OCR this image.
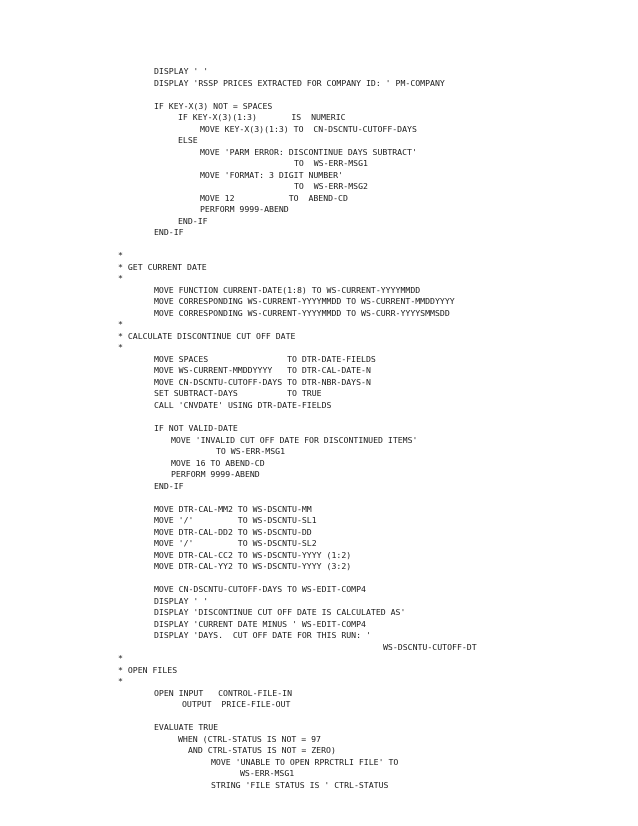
DISPLAY ' '
DISPLAY 'RSSP PRICES EXTRACTED FOR COMPANY ID: ' PM-COMPANY
IF KEY-X(3) NOT = SPACES
IF KEY-X(3)(1:3)       IS  NUMERIC
MOVE KEY-X(3)(1:3) TO  CN-DSCNTU-CUTOFF-DAYS
ELSE
MOVE 'PARM ERROR: DISCONTINUE DAYS SUBTRACT'
TO  WS-ERR-MSG1
MOVE 'FORMAT: 3 DIGIT NUMBER'
TO  WS-ERR-MSG2
MOVE 12           TO  ABEND-CD
PERFORM 9999-ABEND
END-IF
END-IF
*
* GET CURRENT DATE
*
MOVE FUNCTION CURRENT-DATE(1:8) TO WS-CURRENT-YYYYMMDD
MOVE CORRESPONDING WS-CURRENT-YYYYMMDD TO WS-CURRENT-MMDDYYYY
MOVE CORRESPONDING WS-CURRENT-YYYYMMDD TO WS-CURR-YYYYSMMSDD
*
* CALCULATE DISCONTINUE CUT OFF DATE
*
MOVE SPACES                TO DTR-DATE-FIELDS
MOVE WS-CURRENT-MMDDYYYY   TO DTR-CAL-DATE-N
MOVE CN-DSCNTU-CUTOFF-DAYS TO DTR-NBR-DAYS-N
SET SUBTRACT-DAYS          TO TRUE
CALL 'CNVDATE' USING DTR-DATE-FIELDS
IF NOT VALID-DATE
MOVE 'INVALID CUT OFF DATE FOR DISCONTINUED ITEMS'
TO WS-ERR-MSG1
MOVE 16 TO ABEND-CD
PERFORM 9999-ABEND
END-IF
MOVE DTR-CAL-MM2 TO WS-DSCNTU-MM
MOVE '/'         TO WS-DSCNTU-SL1
MOVE DTR-CAL-DD2 TO WS-DSCNTU-DD
MOVE '/'         TO WS-DSCNTU-SL2
MOVE DTR-CAL-CC2 TO WS-DSCNTU-YYYY (1:2)
MOVE DTR-CAL-YY2 TO WS-DSCNTU-YYYY (3:2)
MOVE CN-DSCNTU-CUTOFF-DAYS TO WS-EDIT-COMP4
DISPLAY ' '
DISPLAY 'DISCONTINUE CUT OFF DATE IS CALCULATED AS'
DISPLAY 'CURRENT DATE MINUS ' WS-EDIT-COMP4
DISPLAY 'DAYS.  CUT OFF DATE FOR THIS RUN: '
WS-DSCNTU-CUTOFF-DT
*
* OPEN FILES
*
OPEN INPUT   CONTROL-FILE-IN
OUTPUT  PRICE-FILE-OUT
EVALUATE TRUE
WHEN (CTRL-STATUS IS NOT = 97
AND CTRL-STATUS IS NOT = ZERO)
MOVE 'UNABLE TO OPEN RPRCTRLI FILE' TO
WS-ERR-MSG1
STRING 'FILE STATUS IS ' CTRL-STATUS
